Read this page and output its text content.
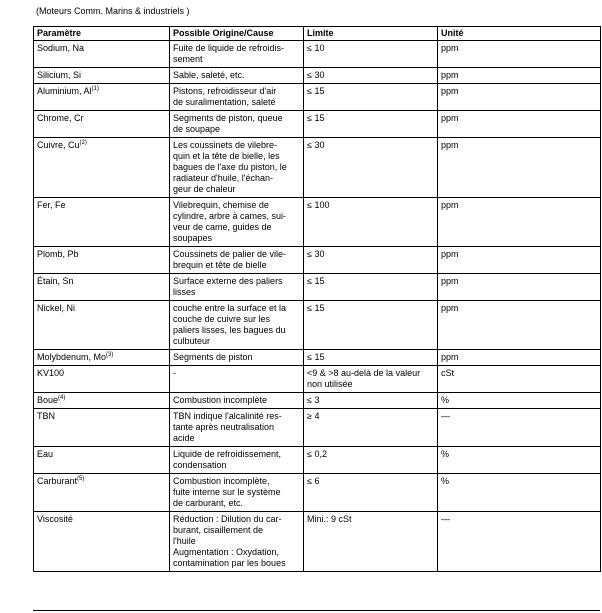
(Moteurs Comm. Marins & industriels )
Paramètre	Possible Origine/Cause	Limite	Unité
Sodium, Na	Fuite de liquide de refroidis-
sement	≤ 10	ppm
Silicium, Si	Sable, saleté, etc.	≤ 30	ppm
Aluminium, Al$^{(1)}$	Pistons, refroidisseur d'air
de suralimentation, saleté	≤ 15	ppm
Chrome, Cr	Segments de piston, queue
de soupape	≤ 15	ppm
Cuivre, Cu$^{(2)}$	Les coussinets de vilebre-
quin et la tête de bielle, les
bagues de l'axe du piston, le
radiateur d'huile, l'échan-
geur de chaleur	≤ 30	ppm
Fer, Fe	Vilebrequin, chemise de
cylindre, arbre à cames, sui-
veur de came, guides de
soupapes	≤ 100	ppm
Plomb, Pb	Coussinets de palier de vile-
brequin et tête de bielle	≤ 30	ppm
Étain, Sn	Surface externe des paliers
lisses	≤ 15	ppm
Nickel, Ni	couche entre la surface et la
couche de cuivre sur les
paliers lisses, les bagues du
culbuteur	≤ 15	ppm
Molybdenum, Mo$^{(3)}$	Segments de piston	≤ 15	ppm
KV100	-	<9 & >8 au-delà de la valeur
non utilisée	cSt
Boue$^{(4)}$	Combustion incomplète	≤ 3	%
TBN	TBN indique l'alcalinité res-
tante après neutralisation
acide	≥ 4	—
Eau	Liquide de refroidissement,
condensation	≤ 0,2	%
Carburant$^{(5)}$	Combustion incomplète,
fuite interne sur le système
de carburant, etc.	≤ 6	%
Viscosité	Réduction : Dilution du car-
burant, cisaillement de
l'huile
Augmentation : Oxydation,
contamination par les boues	Mini.: 9 cSt	—
